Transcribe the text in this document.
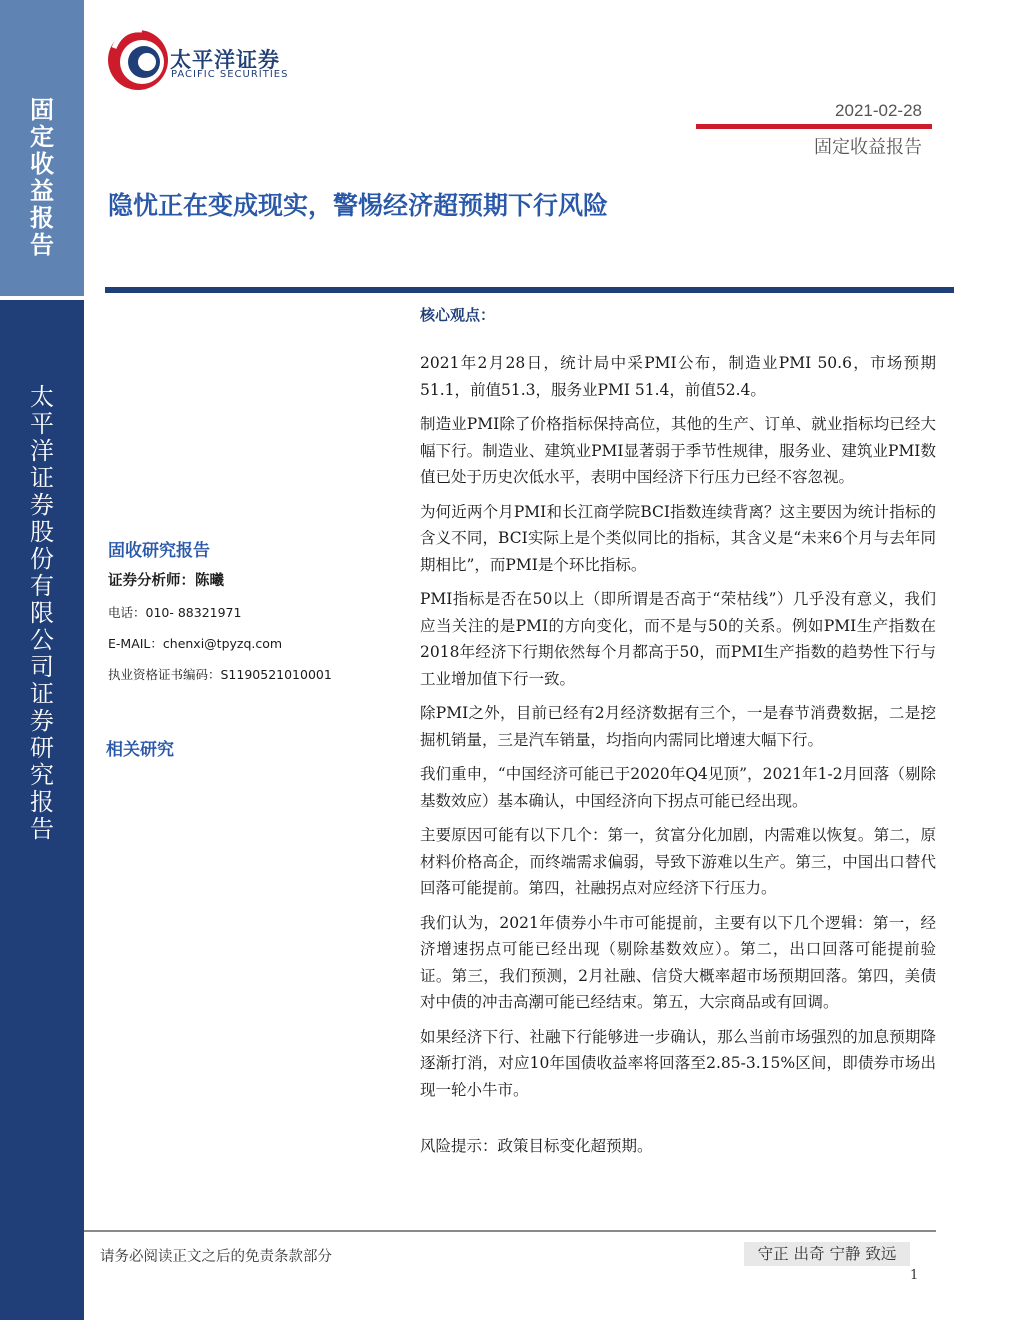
固
定
收
益
报
告
太
平
洋
证
券
股
份
有
限
公
司
证
券
研
究
报
告
太平洋证券
PACIFIC SECURITIES
2021-02-28
固定收益报告
隐忧正在变成现实，警惕经济超预期下行风险
核心观点：

2021年2月28日，统计局中采PMI公布，制造业PMI 50.6，市场预期51.1，前值51.3，服务业PMI 51.4，前值52.4。

制造业PMI除了价格指标保持高位，其他的生产、订单、就业指标均已经大幅下行。制造业、建筑业PMI显著弱于季节性规律，服务业、建筑业PMI数值已处于历史次低水平，表明中国经济下行压力已经不容忽视。

为何近两个月PMI和长江商学院BCI指数连续背离？这主要因为统计指标的含义不同，BCI实际上是个类似同比的指标，其含义是“未来6个月与去年同期相比”，而PMI是个环比指标。

PMI指标是否在50以上（即所谓是否高于“荣枯线”）几乎没有意义，我们应当关注的是PMI的方向变化，而不是与50的关系。例如PMI生产指数在2018年经济下行期依然每个月都高于50，而PMI生产指数的趋势性下行与工业增加值下行一致。

除PMI之外，目前已经有2月经济数据有三个，一是春节消费数据，二是挖掘机销量，三是汽车销量，均指向内需同比增速大幅下行。

我们重申，“中国经济可能已于2020年Q4见顶”，2021年1-2月回落（剔除基数效应）基本确认，中国经济向下拐点可能已经出现。

主要原因可能有以下几个：第一，贫富分化加剧，内需难以恢复。第二，原材料价格高企，而终端需求偏弱，导致下游难以生产。第三，中国出口替代回落可能提前。第四，社融拐点对应经济下行压力。

我们认为，2021年债券小牛市可能提前，主要有以下几个逻辑：第一，经济增速拐点可能已经出现（剔除基数效应）。第二，出口回落可能提前验证。第三，我们预测，2月社融、信贷大概率超市场预期回落。第四，美债对中债的冲击高潮可能已经结束。第五，大宗商品或有回调。

如果经济下行、社融下行能够进一步确认，那么当前市场强烈的加息预期降逐渐打消，对应10年国债收益率将回落至2.85-3.15%区间，即债券市场出现一轮小牛市。

风险提示：政策目标变化超预期。

固收研究报告

证券分析师：陈曦

电话：010- 88321971

E-MAIL：chenxi@tpyzq.com

执业资格证书编码：S1190521010001

相关研究

请务必阅读正文之后的免责条款部分	守正 出奇 宁静 致远
1
